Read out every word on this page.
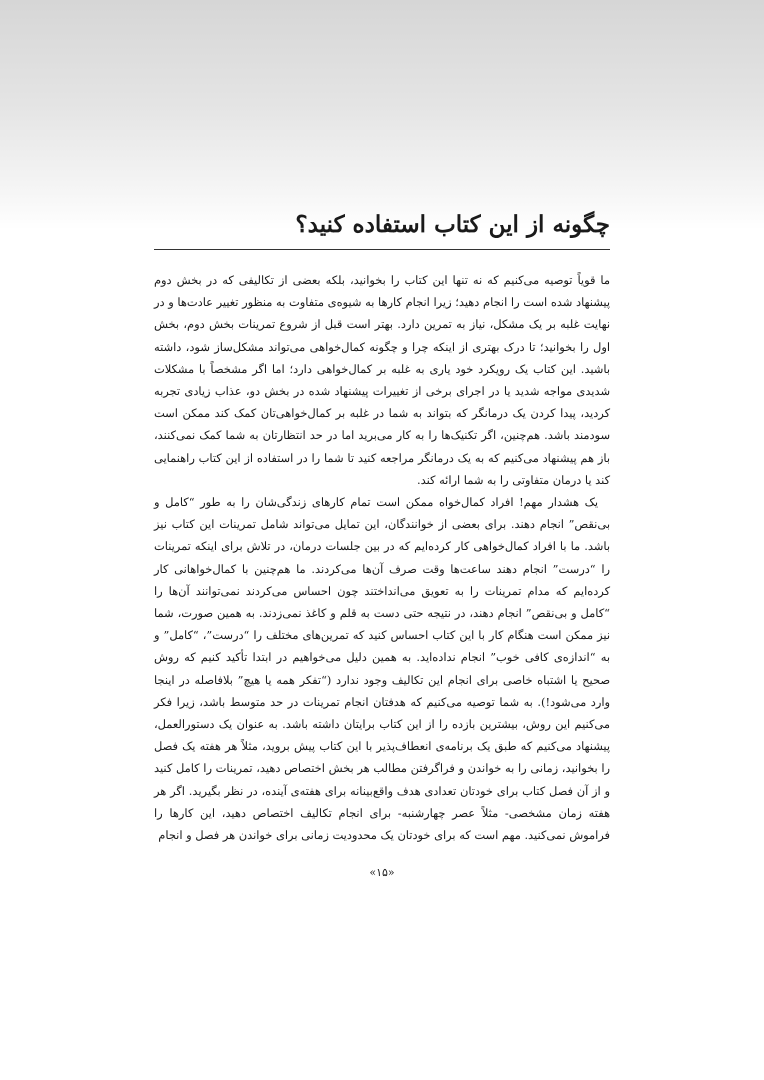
چگونه از این کتاب استفاده کنید؟

ما قویاً توصیه می‌کنیم که نه تنها این کتاب را بخوانید، بلکه بعضی از تکالیفی که در بخش دوم پیشنهاد شده است را انجام دهید؛ زیرا انجام کارها به شیوه‌ی متفاوت به منظور تغییر عادت‌ها و در نهایت غلبه بر یک مشکل، نیاز به تمرین دارد. بهتر است قبل از شروع تمرینات بخش دوم، بخش اول را بخوانید؛ تا درک بهتری از اینکه چرا و چگونه کمال‌خواهی می‌تواند مشکل‌ساز شود، داشته باشید. این کتاب یک رویکرد خود یاری به غلبه بر کمال‌خواهی دارد؛ اما اگر مشخصاً با مشکلات شدیدی مواجه شدید یا در اجرای برخی از تغییرات پیشنهاد شده در بخش دو، عذاب زیادی تجربه کردید، پیدا کردن یک درمانگر که بتواند به شما در غلبه بر کمال‌خواهی‌تان کمک کند ممکن است سودمند باشد. هم‌چنین، اگر تکنیک‌ها را به کار می‌برید اما در حد انتظارتان به شما کمک نمی‌کنند، باز هم پیشنهاد می‌کنیم که به یک درمانگر مراجعه کنید تا شما را در استفاده از این کتاب راهنمایی کند یا درمان متفاوتی را به شما ارائه کند.

یک هشدار مهم! افراد کمال‌خواه ممکن است تمام کارهای زندگی‌شان را به طور “کامل و بی‌نقص” انجام دهند. برای بعضی از خوانندگان، این تمایل می‌تواند شامل تمرینات این کتاب نیز باشد. ما با افراد کمال‌خواهی کار کرده‌ایم که در بین جلسات درمان، در تلاش برای اینکه تمرینات را “درست” انجام دهند ساعت‌ها وقت صرف آن‌ها می‌کردند. ما هم‌چنین با کمال‌خواهانی کار کرده‌ایم که مدام تمرینات را به تعویق می‌انداختند چون احساس می‌کردند نمی‌توانند آن‌ها را “کامل و بی‌نقص” انجام دهند، در نتیجه حتی دست به قلم و کاغذ نمی‌زدند. به همین صورت، شما نیز ممکن است هنگام کار با این کتاب احساس کنید که تمرین‌های مختلف را “درست”، “کامل” و به “اندازه‌ی کافی خوب” انجام نداده‌اید. به همین دلیل می‌خواهیم در ابتدا تأکید کنیم که روش صحیح یا اشتباه خاصی برای انجام این تکالیف وجود ندارد (“تفکر همه یا هیچ” بلافاصله در اینجا وارد می‌شود!). به شما توصیه می‌کنیم که هدفتان انجام تمرینات در حد متوسط باشد، زیرا فکر می‌کنیم این روش، بیشترین بازده را از این کتاب برایتان داشته باشد. به عنوان یک دستورالعمل، پیشنهاد می‌کنیم که طبق یک برنامه‌ی انعطاف‌پذیر با این کتاب پیش بروید، مثلاً هر هفته یک فصل را بخوانید، زمانی را به خواندن و فراگرفتن مطالب هر بخش اختصاص دهید، تمرینات را کامل کنید و از آن فصل کتاب برای خودتان تعدادی هدف واقع‌بینانه برای هفته‌ی آینده، در نظر بگیرید. اگر هر هفته زمان مشخصی- مثلاً عصر چهارشنبه- برای انجام تکالیف اختصاص دهید، این کارها را فراموش نمی‌کنید. مهم است که برای خودتان یک محدودیت زمانی برای خواندن هر فصل و انجام

«۱۵»
